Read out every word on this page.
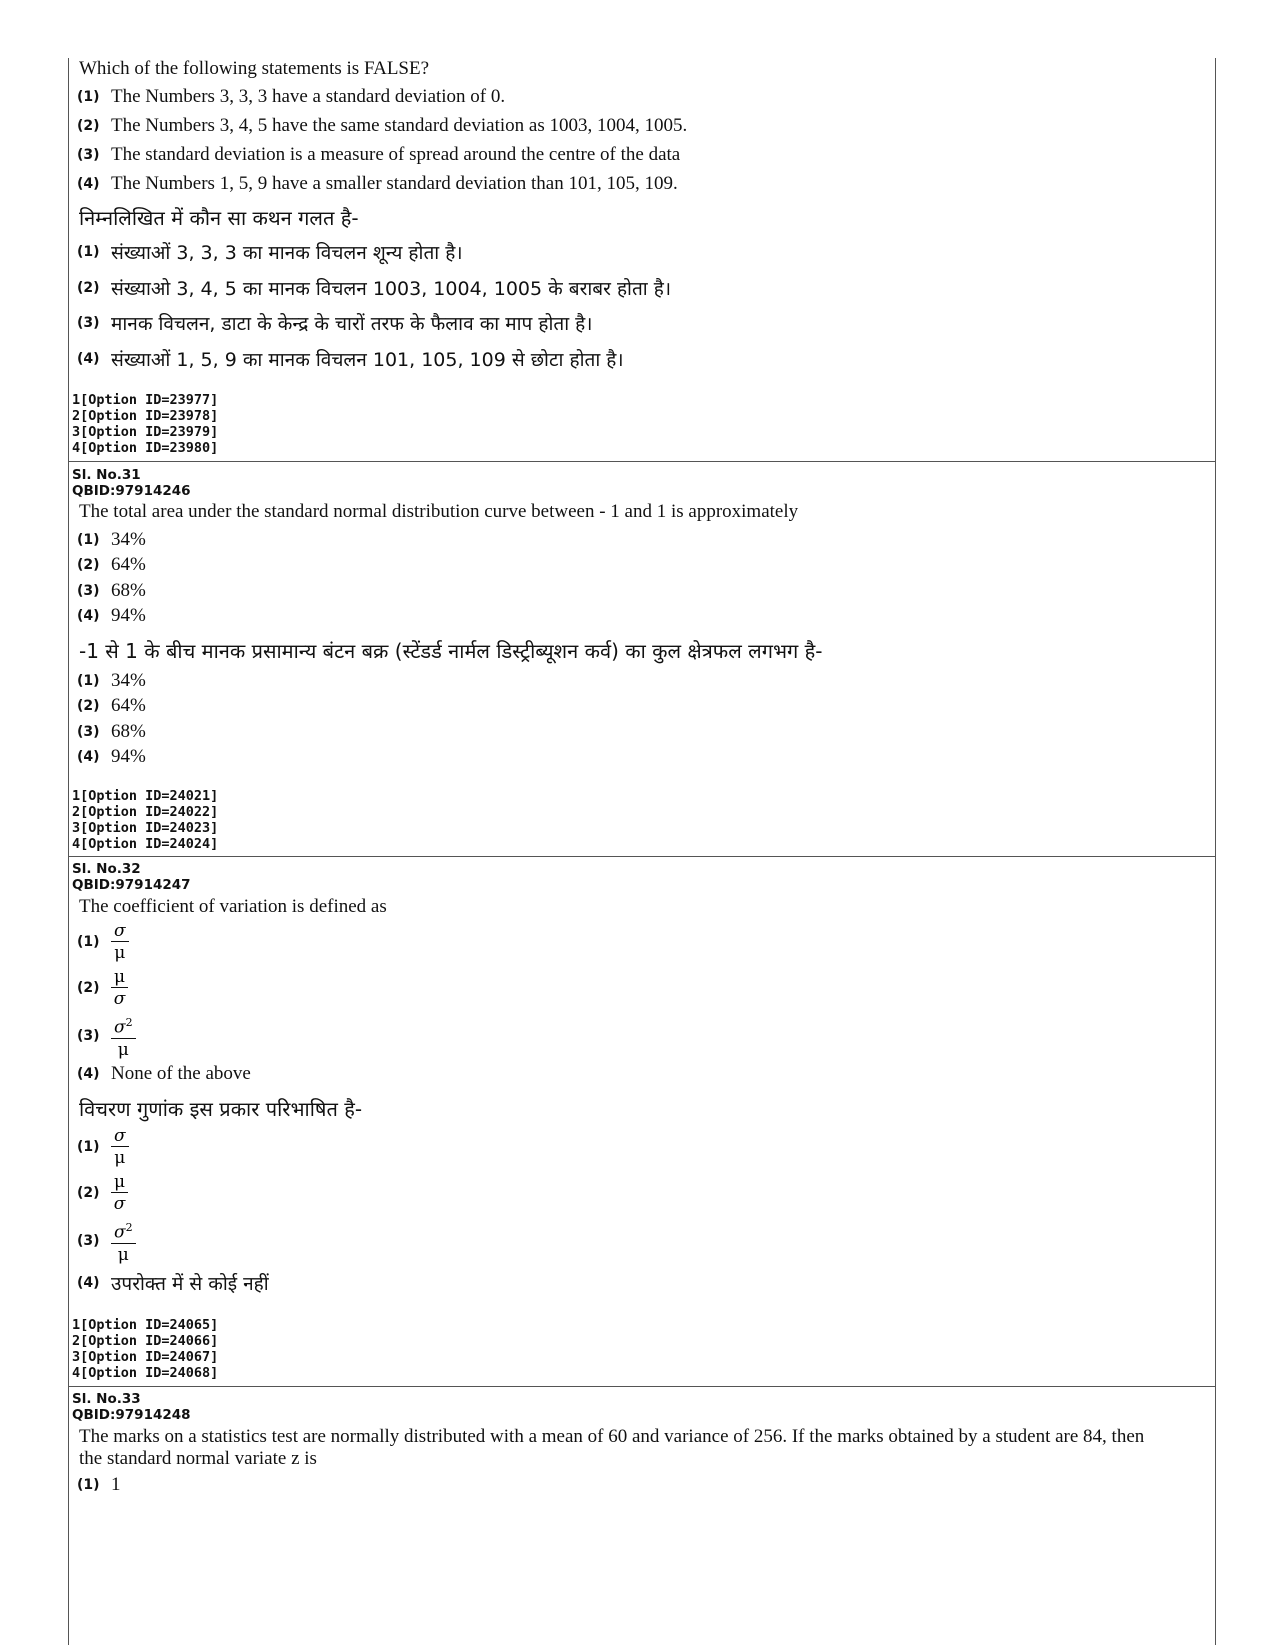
Which of the following statements is FALSE?
(1) The Numbers 3, 3, 3 have a standard deviation of 0.
(2) The Numbers 3, 4, 5 have the same standard deviation as 1003, 1004, 1005.
(3) The standard deviation is a measure of spread around the centre of the data
(4) The Numbers 1, 5, 9 have a smaller standard deviation than 101, 105, 109.
निम्नलिखित में कौन सा कथन गलत है-
(1) संख्याओं 3, 3, 3 का मानक विचलन शून्य होता है।
(2) संख्याओ 3, 4, 5 का मानक विचलन 1003, 1004, 1005 के बराबर होता है।
(3) मानक विचलन, डाटा के केन्द्र के चारों तरफ के फैलाव का माप होता है।
(4) संख्याओं 1, 5, 9 का मानक विचलन 101, 105, 109 से छोटा होता है।
1[Option ID=23977]
2[Option ID=23978]
3[Option ID=23979]
4[Option ID=23980]
Sl. No.31
QBID:97914246
The total area under the standard normal distribution curve between - 1 and 1 is approximately
(1) 34%
(2) 64%
(3) 68%
(4) 94%
-1 से 1 के बीच मानक प्रसामान्य बंटन बक्र (स्टेंडर्ड नार्मल डिस्ट्रीब्यूशन कर्व) का कुल क्षेत्रफल लगभग है-
(1) 34%
(2) 64%
(3) 68%
(4) 94%
1[Option ID=24021]
2[Option ID=24022]
3[Option ID=24023]
4[Option ID=24024]
Sl. No.32
QBID:97914247
The coefficient of variation is defined as
$(1) \frac{\sigma}{\mu}$
$(2) \frac{\mu}{\sigma}$
$(3) \frac{\sigma^2}{\mu}$
(4) None of the above
विचरण गुणांक इस प्रकार परिभाषित है-
$(1) \frac{\sigma}{\mu}$
$(2) \frac{\mu}{\sigma}$
$(3) \frac{\sigma^2}{\mu}$
(4) उपरोक्त में से कोई नहीं
1[Option ID=24065]
2[Option ID=24066]
3[Option ID=24067]
4[Option ID=24068]
Sl. No.33
QBID:97914248
The marks on a statistics test are normally distributed with a mean of 60 and variance of 256. If the marks obtained by a student are 84, then the standard normal variate z is
(1) 1
